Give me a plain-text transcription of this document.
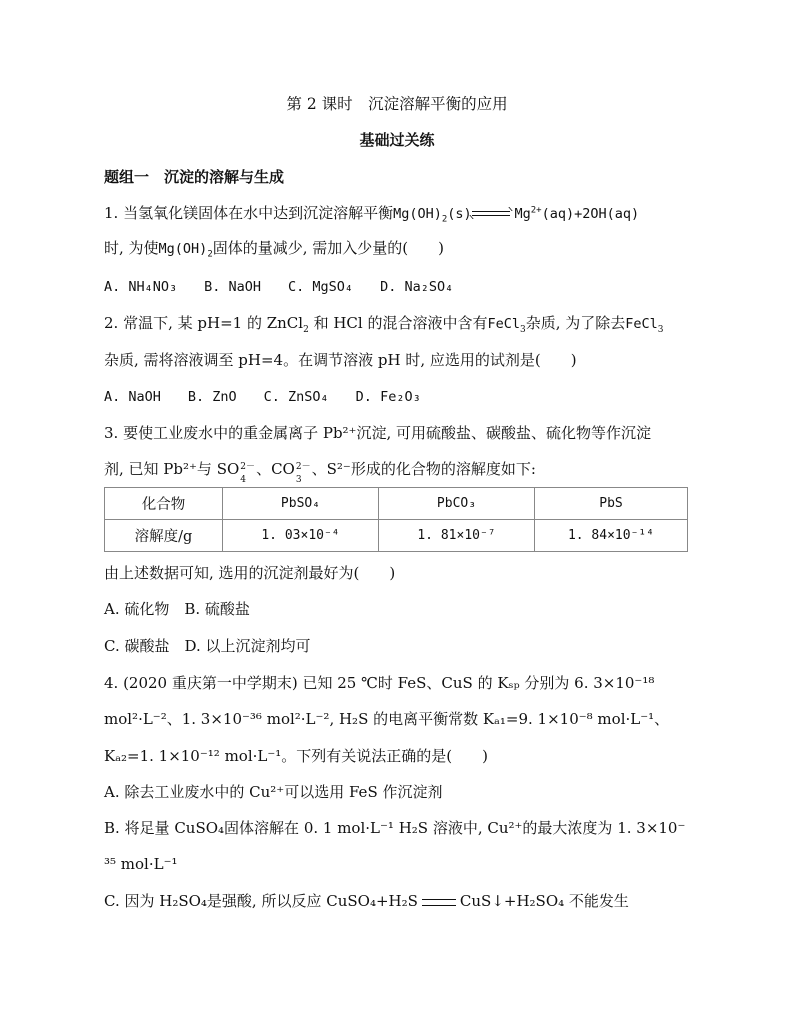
第 2 课时　沉淀溶解平衡的应用
基础过关练
题组一　沉淀的溶解与生成
1. 当氢氧化镁固体在水中达到沉淀溶解平衡$Mg(OH)_2(s)$	$Mg^{2+}(aq)+2OH(aq)$
时, 为使$Mg(OH)_2$固体的量减少, 需加入少量的(　　)
A. NH₄NO₃　　B. NaOH　　C. MgSO₄　　D. Na₂SO₄
2. 常温下, 某 pH=1 的 ZnCl$_2$ 和 HCl 的混合溶液中含有FeCl$_3$杂质, 为了除去FeCl$_3$
杂质, 需将溶液调至 pH=4。在调节溶液 pH 时, 应选用的试剂是(　　)
A. NaOH　　B. ZnO　　C. ZnSO₄　　D. Fe₂O₃
3. 要使工业废水中的重金属离子 Pb²⁺沉淀, 可用硫酸盐、碳酸盐、硫化物等作沉淀
剂, 已知 Pb²⁺与 SO 2－
4
、CO 2－
3
、S²⁻形成的化合物的溶解度如下:
化合物	PbSO₄	PbCO₃	PbS
溶解度/g	1. 03×10⁻⁴	1. 81×10⁻⁷	1. 84×10⁻¹⁴
由上述数据可知, 选用的沉淀剂最好为(　　)
A. 硫化物　B. 硫酸盐
C. 碳酸盐　D. 以上沉淀剂均可
4. (2020 重庆第一中学期末) 已知 25 ℃时 FeS、CuS 的 Kₛₚ 分别为 6. 3×10⁻¹⁸
mol²·L⁻²、1. 3×10⁻³⁶ mol²·L⁻², H₂S 的电离平衡常数 Kₐ₁=9. 1×10⁻⁸ mol·L⁻¹、
Kₐ₂=1. 1×10⁻¹² mol·L⁻¹。下列有关说法正确的是(　　)
A. 除去工业废水中的 Cu²⁺可以选用 FeS 作沉淀剂
B. 将足量 CuSO₄固体溶解在 0. 1 mol·L⁻¹ H₂S 溶液中, Cu²⁺的最大浓度为 1. 3×10⁻
³⁵ mol·L⁻¹
C. 因为 H₂SO₄是强酸, 所以反应 CuSO₄+H₂S	CuS↓+H₂SO₄ 不能发生
